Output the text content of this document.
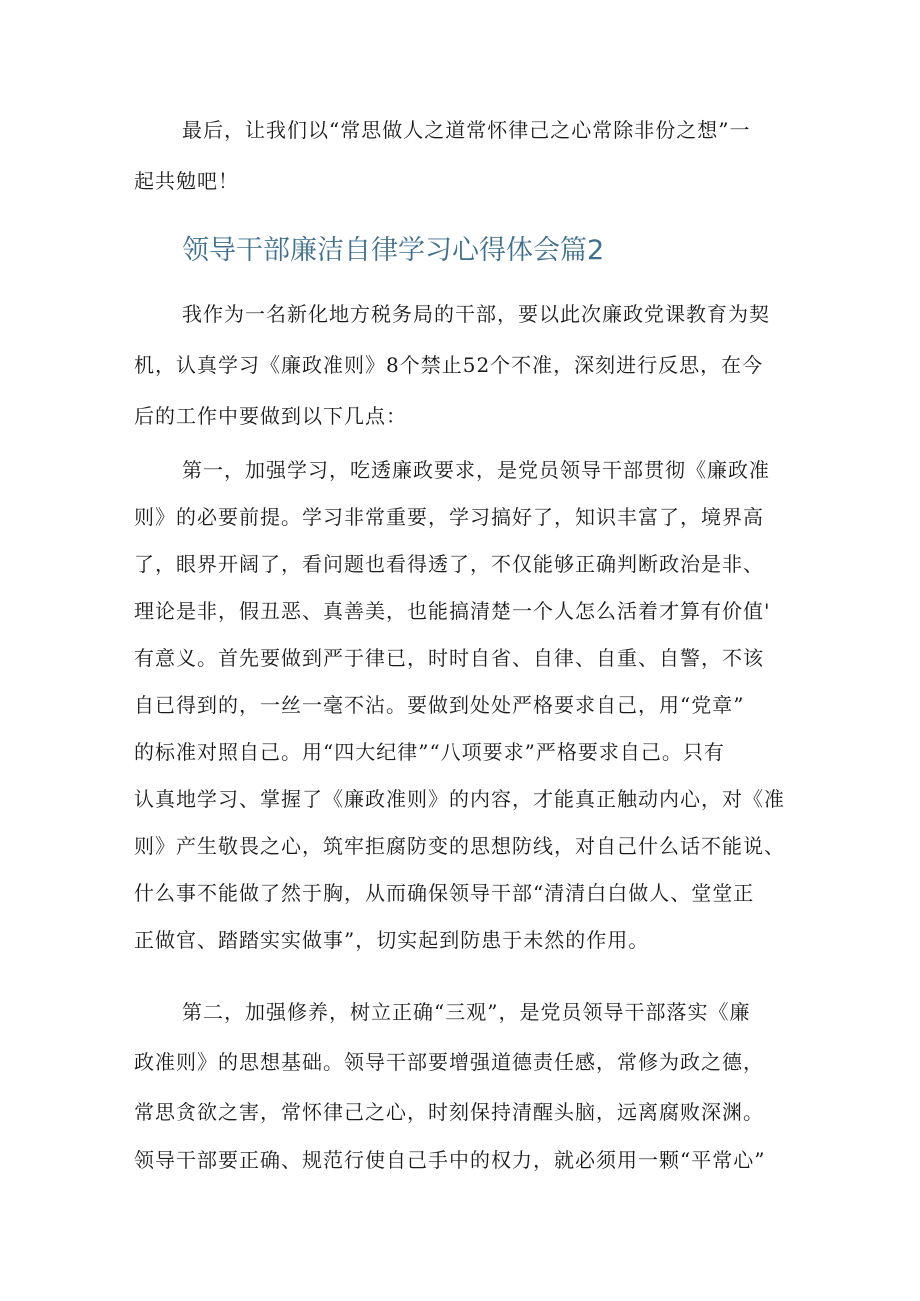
最后，让我们以“常思做人之道常怀律己之心常除非份之想”一
起共勉吧！
领导干部廉洁自律学习心得体会篇2
我作为一名新化地方税务局的干部，要以此次廉政党课教育为契
机，认真学习《廉政准则》8个禁止52个不准，深刻进行反思，在今
后的工作中要做到以下几点：
第一，加强学习，吃透廉政要求，是党员领导干部贯彻《廉政准
则》的必要前提。学习非常重要，学习搞好了，知识丰富了，境界高
了，眼界开阔了，看问题也看得透了，不仅能够正确判断政治是非、
理论是非，假丑恶、真善美，也能搞清楚一个人怎么活着才算有价值'
有意义。首先要做到严于律已，时时自省、自律、自重、自警，不该
自已得到的，一丝一毫不沾。要做到处处严格要求自己，用“党章”
的标准对照自己。用“四大纪律”“八项要求”严格要求自己。只有
认真地学习、掌握了《廉政准则》的内容，才能真正触动内心，对《准
则》产生敬畏之心，筑牢拒腐防变的思想防线，对自己什么话不能说、
什么事不能做了然于胸，从而确保领导干部“清清白白做人、堂堂正
正做官、踏踏实实做事”，切实起到防患于未然的作用。
第二，加强修养，树立正确“三观”，是党员领导干部落实《廉
政准则》的思想基础。领导干部要增强道德责任感，常修为政之德，
常思贪欲之害，常怀律己之心，时刻保持清醒头脑，远离腐败深渊。
领导干部要正确、规范行使自己手中的权力，就必须用一颗“平常心”
